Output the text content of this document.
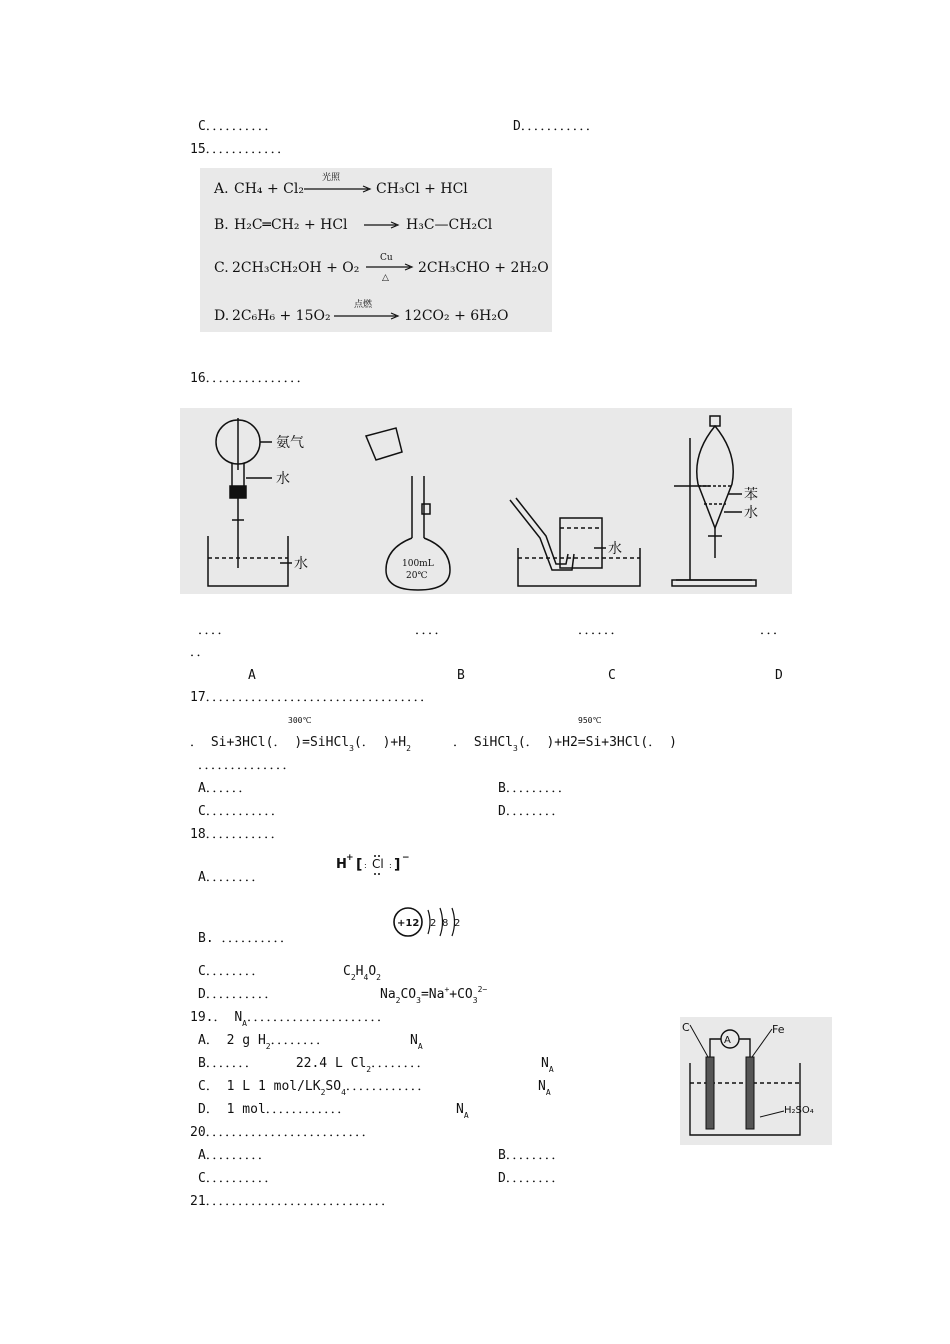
C．．．．．．．．．．	D．．．．．．．．．．．
15．．．．．．．．．．．．
A. CH₄ + Cl₂
光照
CH₃Cl + HCl
B. H₂C═CH₂ + HCl	H₃C—CH₂Cl
C. 2CH₃CH₂OH + O₂
Cu
△
2CH₃CHO + 2H₂O
D. 2C₆H₆ + 15O₂
点燃
12CO₂ + 6H₂O
16．．．．．．．．．．．．．．．
氨气
水
水	100mL
20℃
水
苯
水
．．．．	．．．．	．．．．．．	．．．
．．
A	B	C	D
17．．．．．．．．．．．．．．．．．．．．．．．．．．．．．．．．．．
300℃	950℃
． Si+3HCl(． )=SiHCl$_3$(． )$+H_2$	． SiHCl$_3$(． )+H2=Si+3HCl(． )
．．．．．．．．．．．．．．
A．．．．．．	B．．．．．．．．．
C．．．．．．．．．．．	D．．．．．．．．
18．．．．．．．．．．．
A．．．．．．．．
H + [ : Cl : ] −
+12 2 8 2
B. ．．．．．．．．．．
C．．．．．．．．	$C_2H_4O_2$
D．．．．．．．．．．	$Na_2CO_3=Na^++CO_3^{2-}$
19.． $N_A$．．．．．．．．．．．．．．．．．．．．．
A． 2 g $H_2$．．．．．．．．	$N_A$
B．．．．．．．	22.4 L $Cl_2$．．．．．．．．	$N_A$
C． 1 L 1 mol/$LK_2SO_4$．．．．．．．．．．．．	$N_A$
D． 1 mol．．．．．．．．．．．．	$N_A$
A
C	Fe
H₂SO₄
20．．．．．．．．．．．．．．．．．．．．．．．．．
A．．．．．．．．．	B．．．．．．．．
C．．．．．．．．．．	D．．．．．．．．
21．．．．．．．．．．．．．．．．．．．．．．．．．．．．
